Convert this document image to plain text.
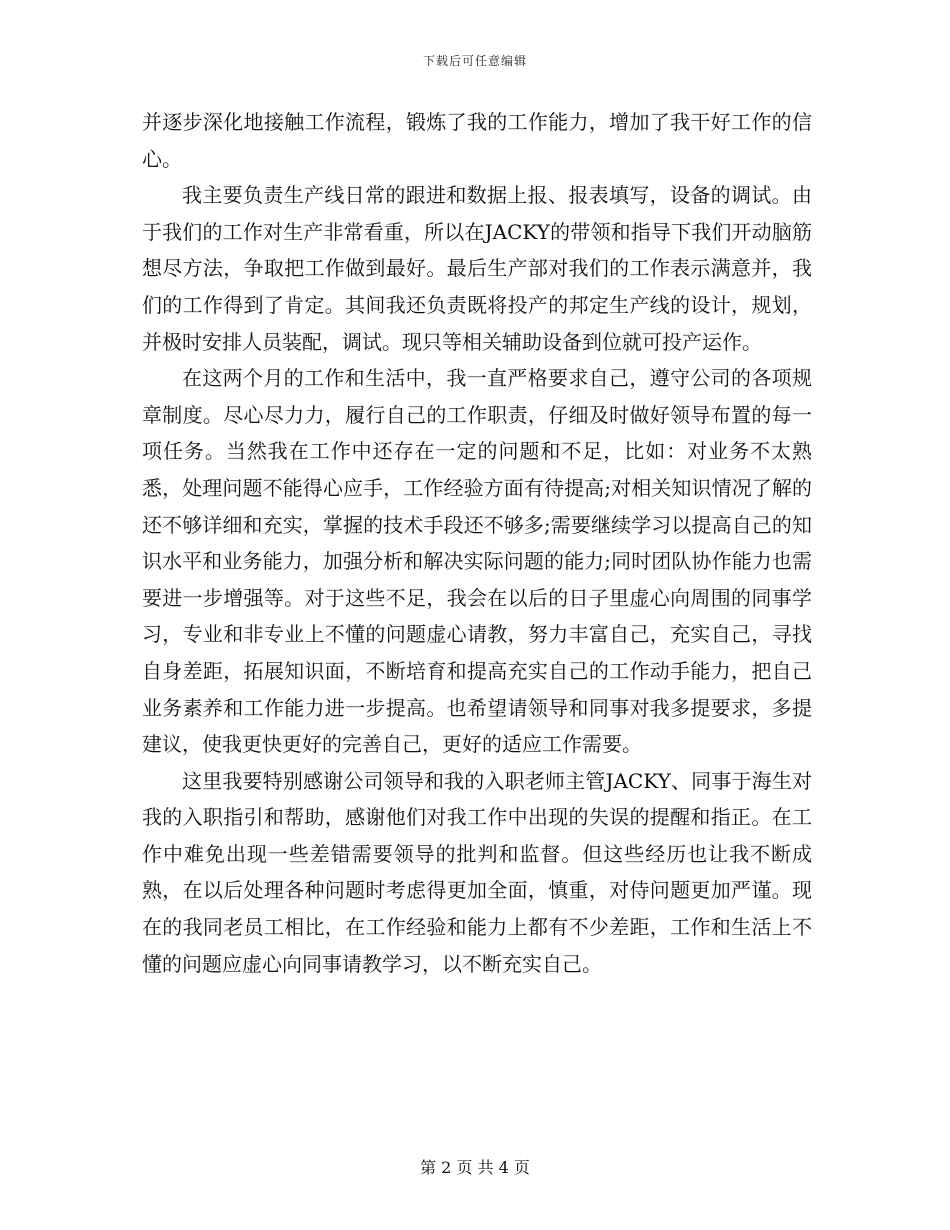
下载后可任意编辑

并逐步深化地接触工作流程，锻炼了我的工作能力，增加了我干好工作的信心。

我主要负责生产线日常的跟进和数据上报、报表填写，设备的调试。由于我们的工作对生产非常看重，所以在JACKY的带领和指导下我们开动脑筋想尽方法，争取把工作做到最好。最后生产部对我们的工作表示满意并，我们的工作得到了肯定。其间我还负责既将投产的邦定生产线的设计，规划，并极时安排人员装配，调试。现只等相关辅助设备到位就可投产运作。

在这两个月的工作和生活中，我一直严格要求自己，遵守公司的各项规章制度。尽心尽力力，履行自己的工作职责，仔细及时做好领导布置的每一项任务。当然我在工作中还存在一定的问题和不足，比如：对业务不太熟悉，处理问题不能得心应手，工作经验方面有待提高;对相关知识情况了解的还不够详细和充实，掌握的技术手段还不够多;需要继续学习以提高自己的知识水平和业务能力，加强分析和解决实际问题的能力;同时团队协作能力也需要进一步增强等。对于这些不足，我会在以后的日子里虚心向周围的同事学习，专业和非专业上不懂的问题虚心请教，努力丰富自己，充实自己，寻找自身差距，拓展知识面，不断培育和提高充实自己的工作动手能力，把自己业务素养和工作能力进一步提高。也希望请领导和同事对我多提要求，多提建议，使我更快更好的完善自己，更好的适应工作需要。

这里我要特别感谢公司领导和我的入职老师主管JACKY、同事于海生对我的入职指引和帮助，感谢他们对我工作中出现的失误的提醒和指正。在工作中难免出现一些差错需要领导的批判和监督。但这些经历也让我不断成熟，在以后处理各种问题时考虑得更加全面，慎重，对侍问题更加严谨。现在的我同老员工相比，在工作经验和能力上都有不少差距，工作和生活上不懂的问题应虚心向同事请教学习，以不断充实自己。

第 2 页 共 4 页
